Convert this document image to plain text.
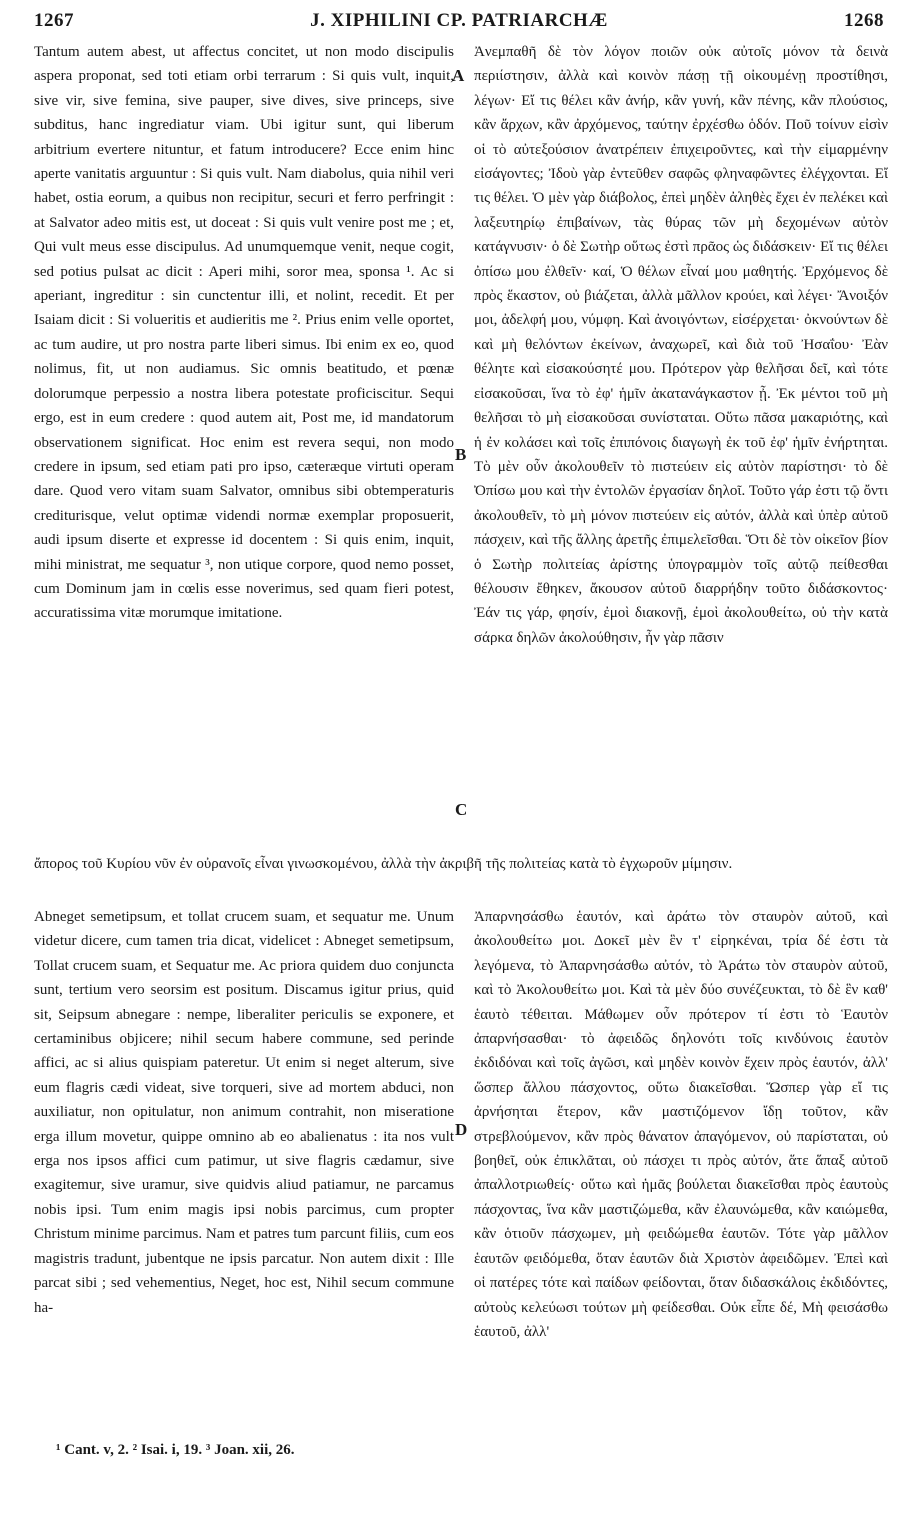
1267	J. XIPHILINI CP. PATRIARCHÆ	1268

Tantum autem abest, ut affectus concitet, ut non modo discipulis aspera proponat, sed toti etiam orbi terrarum : Si quis vult, inquit, sive vir, sive femina, sive pauper, sive dives, sive princeps, sive subditus, hanc ingrediatur viam. Ubi igitur sunt, qui liberum arbitrium evertere nituntur, et fatum introducere? Ecce enim hinc aperte vanitatis arguuntur : Si quis vult. Nam diabolus, quia nihil veri habet, ostia eorum, a quibus non recipitur, securi et ferro perfringit : at Salvator adeo mitis est, ut doceat : Si quis vult venire post me ; et, Qui vult meus esse discipulus. Ad unumquemque venit, neque cogit, sed potius pulsat ac dicit : Aperi mihi, soror mea, sponsa ¹. Ac si aperiant, ingreditur : sin cunctentur illi, et nolint, recedit. Et per Isaiam dicit : Si volueritis et audieritis me ². Prius enim velle oportet, ac tum audire, ut pro nostra parte liberi simus. Ibi enim ex eo, quod nolimus, fit, ut non audiamus. Sic omnis beatitudo, et pœnæ dolorumque perpessio a nostra libera potestate proficiscitur. Sequi ergo, est in eum credere : quod autem ait, Post me, id mandatorum observationem significat. Hoc enim est revera sequi, non modo credere in ipsum, sed etiam pati pro ipso, cæteræque virtuti operam dare. Quod vero vitam suam Salvator, omnibus sibi obtemperaturis crediturisque, velut optimæ videndi normæ exemplar proposuerit, audi ipsum diserte et expresse id docentem : Si quis enim, inquit, mihi ministrat, me sequatur ³, non utique corpore, quod nemo posset, cum Dominum jam in cœlis esse noverimus, sed quam fieri potest, accuratissima vitæ morumque imitatione.

Ἀνεμπαθῆ δὲ τὸν λόγον ποιῶν οὐκ αὐτοῖς μόνον τὰ δεινὰ περιίστησιν, ἀλλὰ καὶ κοινὸν πάσῃ τῇ οἰκουμένῃ προστίθησι, λέγων· Εἴ τις θέλει κἂν ἀνήρ, κἂν γυνή, κἂν πένης, κἂν πλούσιος, κἂν ἄρχων, κἂν ἀρχόμενος, ταύτην ἐρχέσθω ὁδόν. Ποῦ τοίνυν εἰσὶν οἱ τὸ αὐτεξούσιον ἀνατρέπειν ἐπιχειροῦντες, καὶ τὴν εἱμαρμένην εἰσάγοντες; Ἰδοὺ γὰρ ἐντεῦθεν σαφῶς φληναφῶντες ἐλέγχονται. Εἴ τις θέλει. Ὁ μὲν γὰρ διάβολος, ἐπεὶ μηδὲν ἀληθὲς ἔχει ἐν πελέκει καὶ λαξευτηρίῳ ἐπιβαίνων, τὰς θύρας τῶν μὴ δεχομένων αὐτὸν κατάγνυσιν· ὁ δὲ Σωτὴρ οὕτως ἐστὶ πρᾶος ὡς διδάσκειν· Εἴ τις θέλει ὀπίσω μου ἐλθεῖν· καί, Ὁ θέλων εἶναί μου μαθητής. Ἐρχόμενος δὲ πρὸς ἕκαστον, οὐ βιάζεται, ἀλλὰ μᾶλλον κρούει, καὶ λέγει· Ἄνοιξόν μοι, ἀδελφή μου, νύμφη. Καὶ ἀνοιγόντων, εἰσέρχεται· ὀκνούντων δὲ καὶ μὴ θελόντων ἐκείνων, ἀναχωρεῖ, καὶ διὰ τοῦ Ἠσαΐου· Ἐὰν θέλητε καὶ εἰσακούσητέ μου. Πρότερον γὰρ θελῆσαι δεῖ, καὶ τότε εἰσακοῦσαι, ἵνα τὸ ἐφ' ἡμῖν ἀκατανάγκαστον ᾖ. Ἐκ μέντοι τοῦ μὴ θελῆσαι τὸ μὴ εἰσακοῦσαι συνίσταται. Οὕτω πᾶσα μακαριότης, καὶ ἡ ἐν κολάσει καὶ τοῖς ἐπιπόνοις διαγωγὴ ἐκ τοῦ ἐφ' ἡμῖν ἐνήρτηται. Τὸ μὲν οὖν ἀκολουθεῖν τὸ πιστεύειν εἰς αὐτὸν παρίστησι· τὸ δὲ Ὀπίσω μου καὶ τὴν ἐντολῶν ἐργασίαν δηλοῖ. Τοῦτο γάρ ἐστι τῷ ὄντι ἀκολουθεῖν, τὸ μὴ μόνον πιστεύειν εἰς αὐτόν, ἀλλὰ καὶ ὑπὲρ αὐτοῦ πάσχειν, καὶ τῆς ἄλλης ἀρετῆς ἐπιμελεῖσθαι. Ὅτι δὲ τὸν οἰκεῖον βίον ὁ Σωτὴρ πολιτείας ἀρίστης ὑπογραμμὸν τοῖς αὐτῷ πείθεσθαι θέλουσιν ἔθηκεν, ἄκουσον αὐτοῦ διαρρήδην τοῦτο διδάσκοντος· Ἐάν τις γάρ, φησίν, ἐμοὶ διακονῇ, ἐμοὶ ἀκολουθείτω, οὐ τὴν κατὰ σάρκα δηλῶν ἀκολούθησιν, ἦν γὰρ πᾶσιν

A
B
C
D
ἄπορος τοῦ Κυρίου νῦν ἐν οὐρανοῖς εἶναι γινωσκομένου, ἀλλὰ τὴν ἀκριβῆ τῆς πολιτείας κατὰ τὸ ἐγχωροῦν μίμησιν.

Abneget semetipsum, et tollat crucem suam, et sequatur me. Unum videtur dicere, cum tamen tria dicat, videlicet : Abneget semetipsum, Tollat crucem suam, et Sequatur me. Ac priora quidem duo conjuncta sunt, tertium vero seorsim est positum. Discamus igitur prius, quid sit, Seipsum abnegare : nempe, liberaliter periculis se exponere, et certaminibus objicere; nihil secum habere commune, sed perinde affici, ac si alius quispiam pateretur. Ut enim si neget alterum, sive eum flagris cædi videat, sive torqueri, sive ad mortem abduci, non auxiliatur, non opitulatur, non animum contrahit, non miseratione erga illum movetur, quippe omnino ab eo abalienatus : ita nos vult erga nos ipsos affici cum patimur, ut sive flagris cædamur, sive exagitemur, sive uramur, sive quidvis aliud patiamur, ne parcamus nobis ipsi. Tum enim magis ipsi nobis parcimus, cum propter Christum minime parcimus. Nam et patres tum parcunt filiis, cum eos magistris tradunt, jubentque ne ipsis parcatur. Non autem dixit : Ille parcat sibi ; sed vehementius, Neget, hoc est, Nihil secum commune ha-

Ἀπαρνησάσθω ἑαυτόν, καὶ ἀράτω τὸν σταυρὸν αὐτοῦ, καὶ ἀκολουθείτω μοι. Δοκεῖ μὲν ἓν τ' εἰρηκέναι, τρία δέ ἐστι τὰ λεγόμενα, τὸ Ἀπαρνησάσθω αὐτόν, τὸ Ἀράτω τὸν σταυρὸν αὐτοῦ, καὶ τὸ Ἀκολουθείτω μοι. Καὶ τὰ μὲν δύο συνέζευκται, τὸ δὲ ἓν καθ' ἑαυτὸ τέθειται. Μάθωμεν οὖν πρότερον τί ἐστι τὸ Ἑαυτὸν ἀπαρνήσασθαι· τὸ ἀφειδῶς δηλονότι τοῖς κινδύνοις ἑαυτὸν ἐκδιδόναι καὶ τοῖς ἀγῶσι, καὶ μηδὲν κοινὸν ἔχειν πρὸς ἑαυτόν, ἀλλ' ὥσπερ ἄλλου πάσχοντος, οὕτω διακεῖσθαι. Ὥσπερ γὰρ εἴ τις ἀρνήσηται ἕτερον, κἂν μαστιζόμενον ἴδῃ τοῦτον, κἂν στρεβλούμενον, κἂν πρὸς θάνατον ἀπαγόμενον, οὐ παρίσταται, οὐ βοηθεῖ, οὐκ ἐπικλᾶται, οὐ πάσχει τι πρὸς αὐτόν, ἅτε ἅπαξ αὐτοῦ ἀπαλλοτριωθείς· οὕτω καὶ ἡμᾶς βούλεται διακεῖσθαι πρὸς ἑαυτοὺς πάσχοντας, ἵνα κἂν μαστιζώμεθα, κἂν ἐλαυνώμεθα, κἂν καιώμεθα, κἂν ὁτιοῦν πάσχωμεν, μὴ φειδώμεθα ἑαυτῶν. Τότε γὰρ μᾶλλον ἑαυτῶν φειδόμεθα, ὅταν ἑαυτῶν διὰ Χριστὸν ἀφειδῶμεν. Ἐπεὶ καὶ οἱ πατέρες τότε καὶ παίδων φείδονται, ὅταν διδασκάλοις ἐκδιδόντες, αὐτοὺς κελεύωσι τούτων μὴ φείδεσθαι. Οὐκ εἶπε δέ, Μὴ φεισάσθω ἑαυτοῦ, ἀλλ'

¹ Cant. v, 2. ² Isai. i, 19. ³ Joan. xii, 26.
